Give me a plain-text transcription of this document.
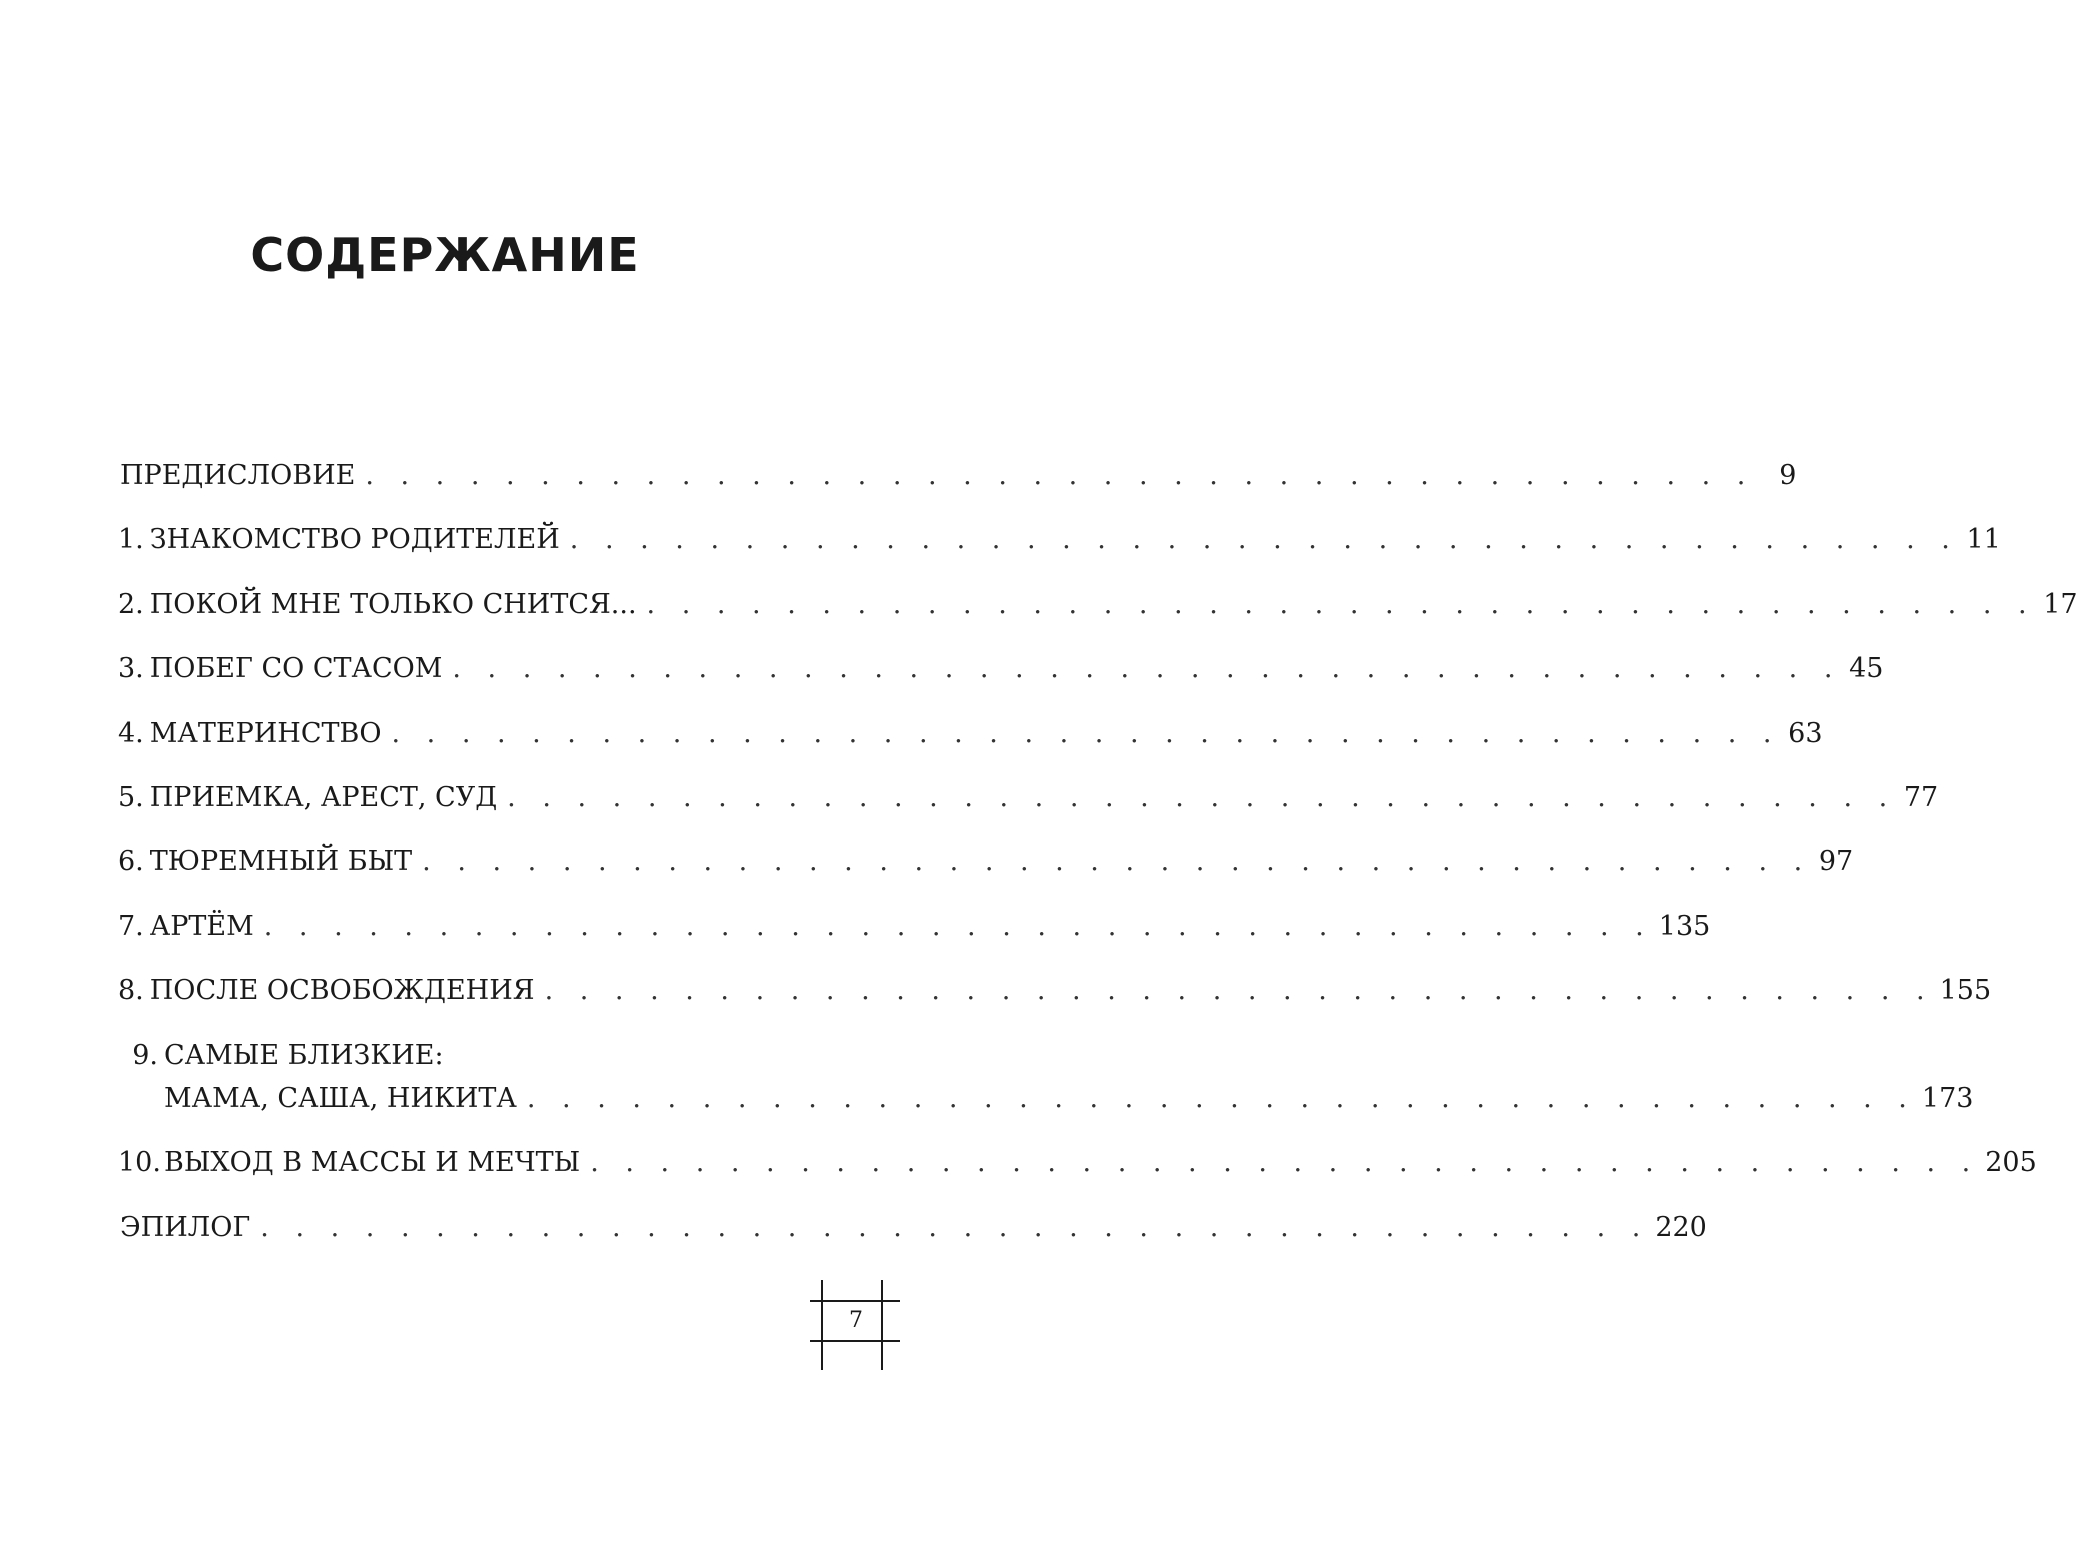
СОДЕРЖАНИЕ
ПРЕДИСЛОВИЕ . . . . . . . . . . . . . . . . . . . . . . . . . . . . . . . . . . . . . . . . 9
1. ЗНАКОМСТВО РОДИТЕЛЕЙ . . . . . . . . . . . . . . . . . . . . . . . . . . . . . . . . . . . . . . . . 11
2. ПОКОЙ МНЕ ТОЛЬКО СНИТСЯ... . . . . . . . . . . . . . . . . . . . . . . . . . . . . . . . . . . . . . . . . 17
3. ПОБЕГ СО СТАСОМ . . . . . . . . . . . . . . . . . . . . . . . . . . . . . . . . . . . . . . . . 45
4. МАТЕРИНСТВО . . . . . . . . . . . . . . . . . . . . . . . . . . . . . . . . . . . . . . . . 63
5. ПРИЕМКА, АРЕСТ, СУД . . . . . . . . . . . . . . . . . . . . . . . . . . . . . . . . . . . . . . . . 77
6. ТЮРЕМНЫЙ БЫТ . . . . . . . . . . . . . . . . . . . . . . . . . . . . . . . . . . . . . . . . 97
7. АРТЁМ . . . . . . . . . . . . . . . . . . . . . . . . . . . . . . . . . . . . . . . . 135
8. ПОСЛЕ ОСВОБОЖДЕНИЯ . . . . . . . . . . . . . . . . . . . . . . . . . . . . . . . . . . . . . . . . 155
9. САМЫЕ БЛИЗКИЕ:
МАМА, САША, НИКИТА . . . . . . . . . . . . . . . . . . . . . . . . . . . . . . . . . . . . . . . . 173
10. ВЫХОД В МАССЫ И МЕЧТЫ . . . . . . . . . . . . . . . . . . . . . . . . . . . . . . . . . . . . . . . . 205
ЭПИЛОГ . . . . . . . . . . . . . . . . . . . . . . . . . . . . . . . . . . . . . . . . 220
7
